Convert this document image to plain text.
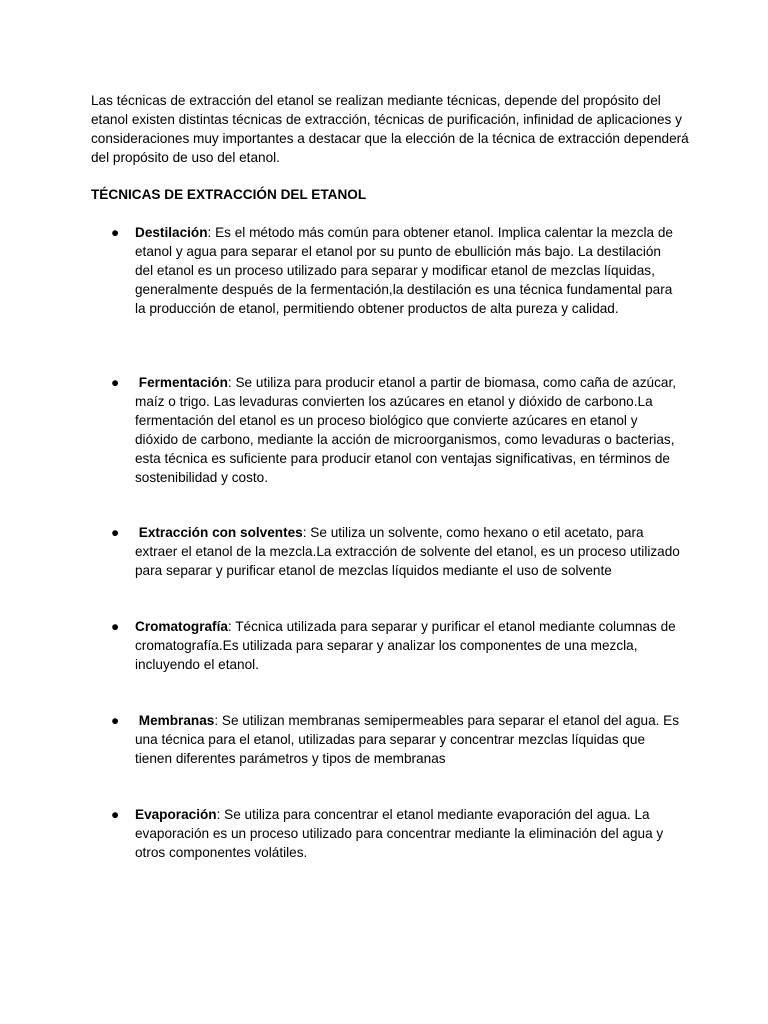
Las técnicas de extracción del etanol se realizan mediante técnicas, depende del propósito del etanol existen distintas técnicas de extracción, técnicas de purificación, infinidad de aplicaciones y consideraciones muy importantes a destacar que la elección de la técnica de extracción dependerá del propósito de uso del etanol.

TÉCNICAS DE EXTRACCIÓN DEL ETANOL

● Destilación: Es el método más común para obtener etanol. Implica calentar la mezcla de etanol y agua para separar el etanol por su punto de ebullición más bajo. La destilación del etanol es un proceso utilizado para separar y modificar etanol de mezclas líquidas, generalmente después de la fermentación,la destilación es una técnica fundamental para la producción de etanol, permitiendo obtener productos de alta pureza y calidad.

● Fermentación: Se utiliza para producir etanol a partir de biomasa, como caña de azúcar, maíz o trigo. Las levaduras convierten los azúcares en etanol y dióxido de carbono.La fermentación del etanol es un proceso biológico que convierte azúcares en etanol y dióxido de carbono, mediante la acción de microorganismos, como levaduras o bacterias, esta técnica es suficiente para producir etanol con ventajas significativas, en términos de sostenibilidad y costo.

● Extracción con solventes: Se utiliza un solvente, como hexano o etil acetato, para extraer el etanol de la mezcla.La extracción de solvente del etanol, es un proceso utilizado para separar y purificar etanol de mezclas líquidos mediante el uso de solvente

● Cromatografía: Técnica utilizada para separar y purificar el etanol mediante columnas de cromatografía.Es utilizada para separar y analizar los componentes de una mezcla, incluyendo el etanol.

● Membranas: Se utilizan membranas semipermeables para separar el etanol del agua. Es una técnica para el etanol, utilizadas para separar y concentrar mezclas líquidas que tienen diferentes parámetros y tipos de membranas

● Evaporación: Se utiliza para concentrar el etanol mediante evaporación del agua. La evaporación es un proceso utilizado para concentrar mediante la eliminación del agua y otros componentes volátiles.
